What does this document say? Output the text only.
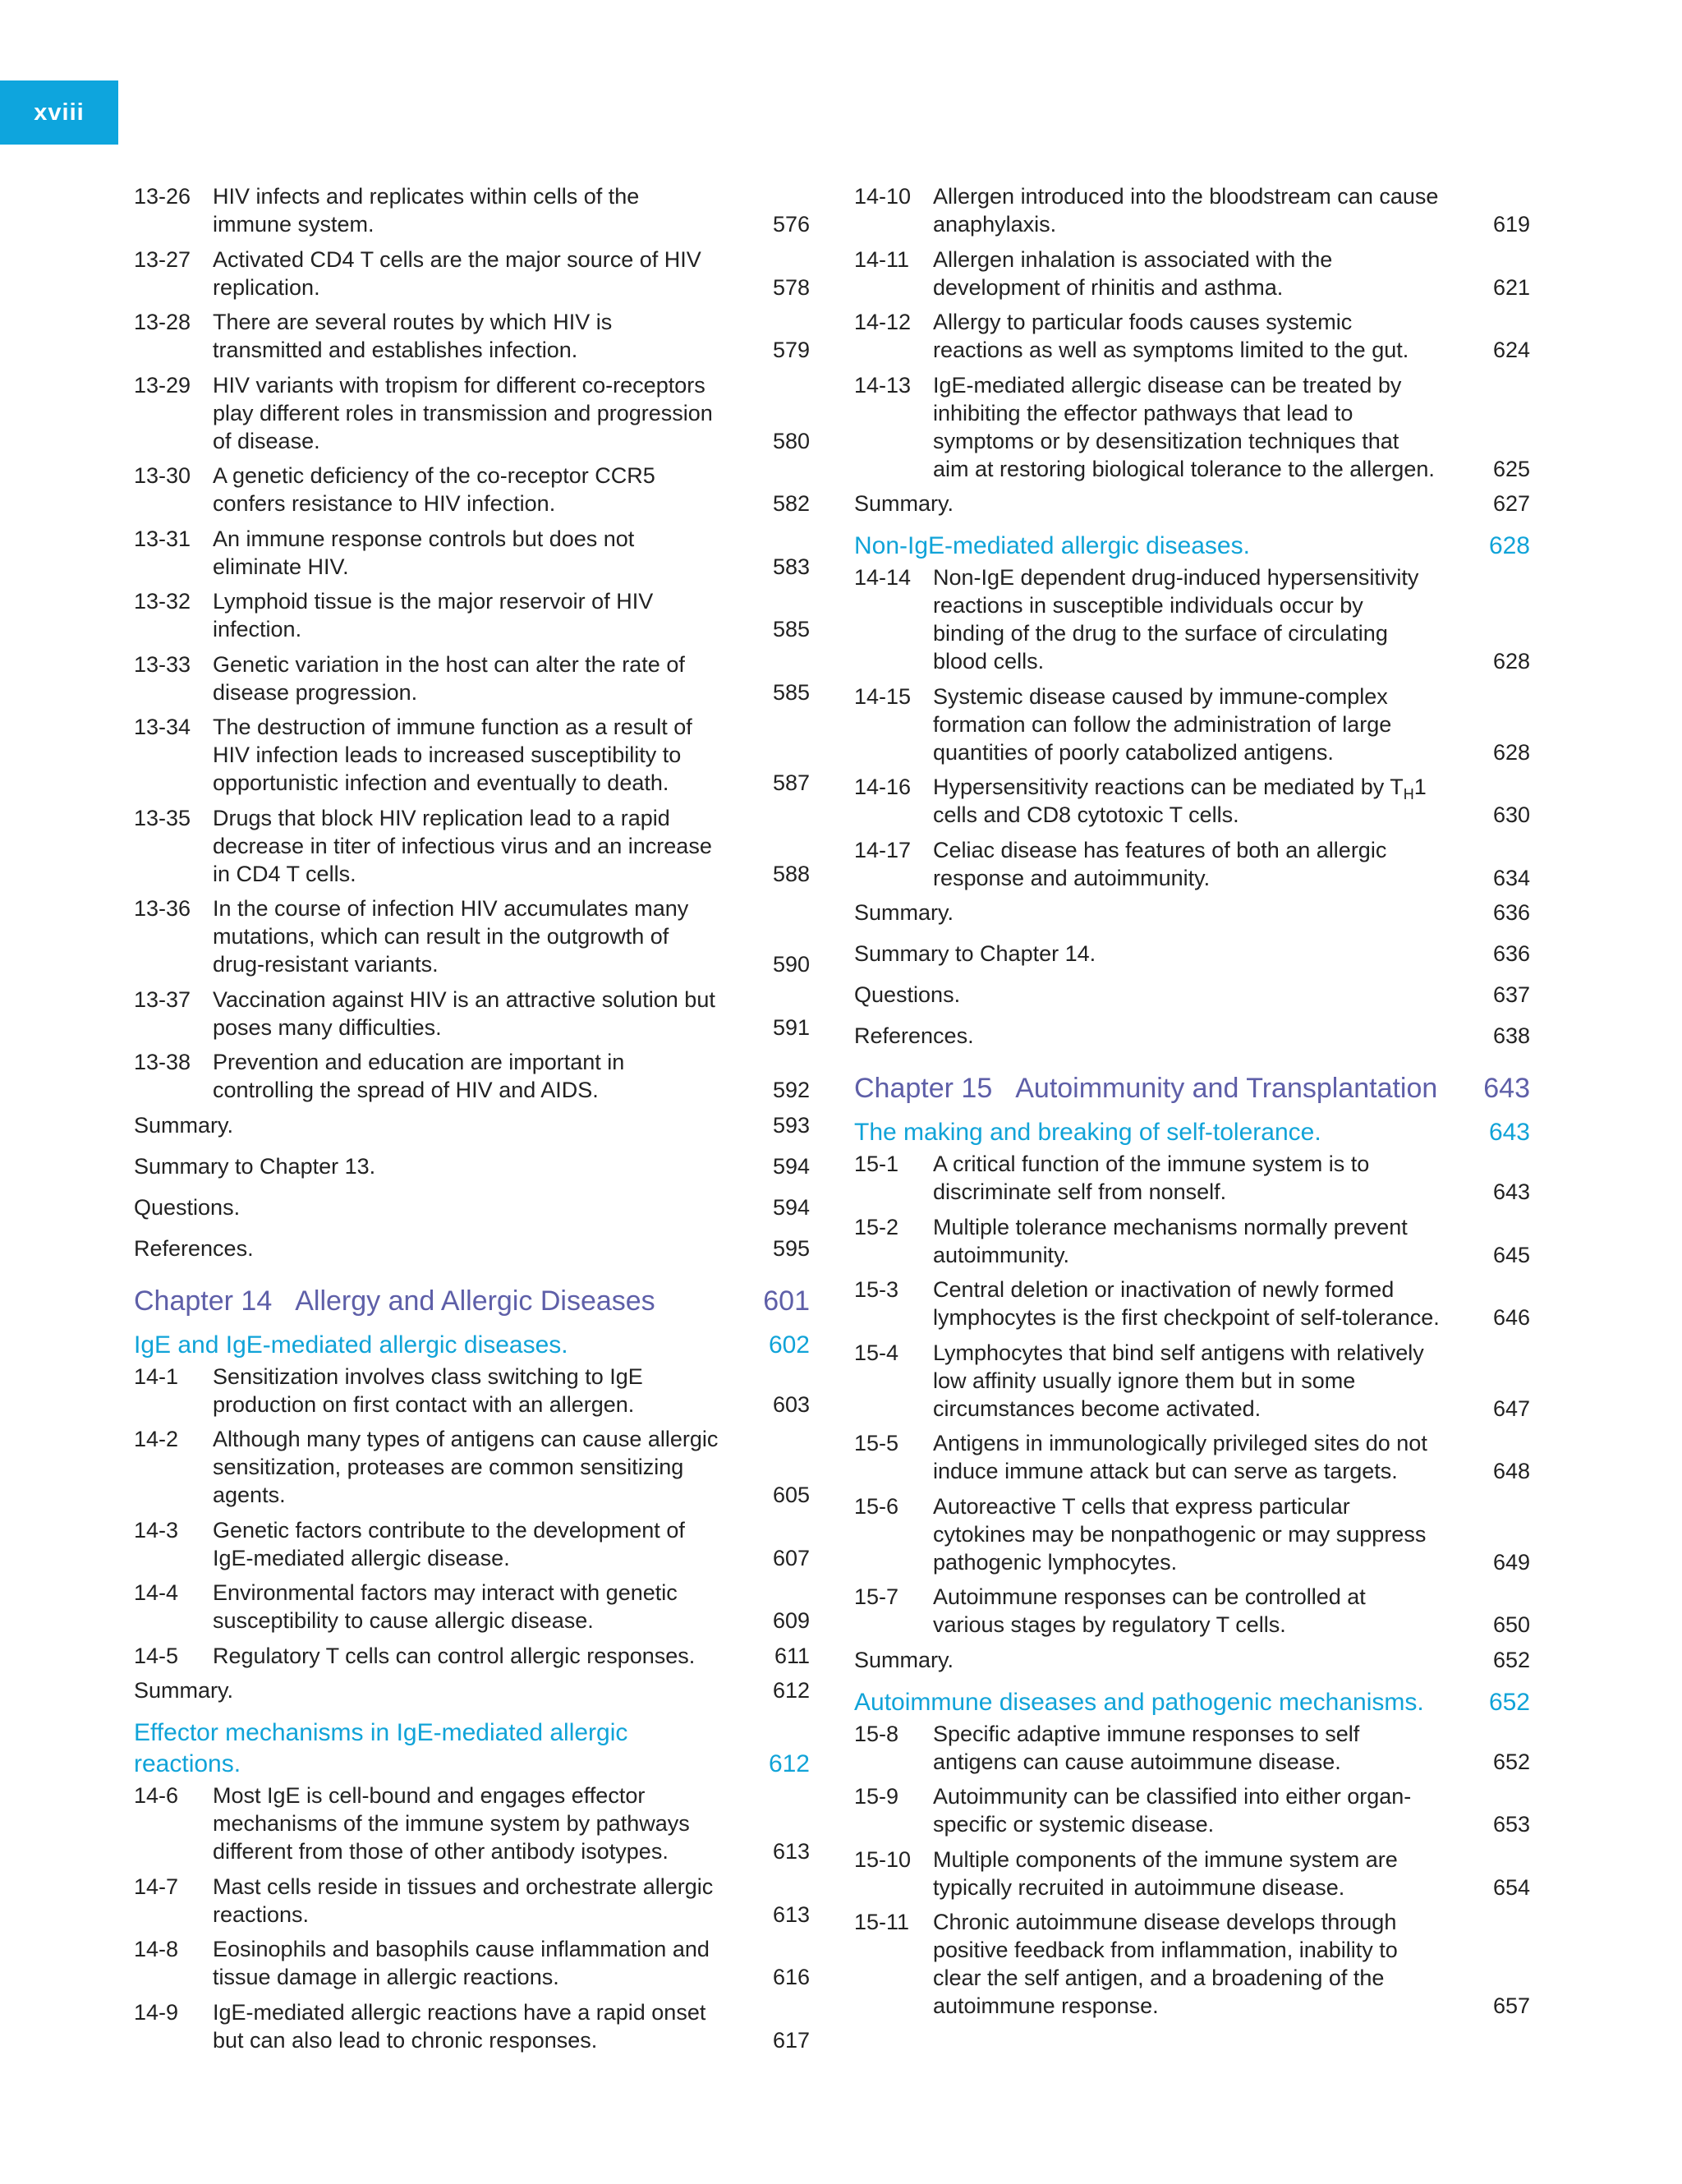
xviii
13-26 HIV infects and replicates within cells of the immune system.	576
13-27 Activated CD4 T cells are the major source of HIV replication.	578
13-28 There are several routes by which HIV is transmitted and establishes infection.	579
13-29 HIV variants with tropism for different co-receptors play different roles in transmission and progression of disease.	580
13-30 A genetic deficiency of the co-receptor CCR5 confers resistance to HIV infection.	582
13-31 An immune response controls but does not eliminate HIV.	583
13-32 Lymphoid tissue is the major reservoir of HIV infection.	585
13-33 Genetic variation in the host can alter the rate of disease progression.	585
13-34 The destruction of immune function as a result of HIV infection leads to increased susceptibility to opportunistic infection and eventually to death.	587
13-35 Drugs that block HIV replication lead to a rapid decrease in titer of infectious virus and an increase in CD4 T cells.	588
13-36 In the course of infection HIV accumulates many mutations, which can result in the outgrowth of drug-resistant variants.	590
13-37 Vaccination against HIV is an attractive solution but poses many difficulties.	591
13-38 Prevention and education are important in controlling the spread of HIV and AIDS.	592
Summary.	593
Summary to Chapter 13.	594
Questions.	594
References.	595
Chapter 14 Allergy and Allergic Diseases	601
IgE and IgE-mediated allergic diseases.	602
14-1 Sensitization involves class switching to IgE production on first contact with an allergen.	603
14-2 Although many types of antigens can cause allergic sensitization, proteases are common sensitizing agents.	605
14-3 Genetic factors contribute to the development of IgE-mediated allergic disease.	607
14-4 Environmental factors may interact with genetic susceptibility to cause allergic disease.	609
14-5 Regulatory T cells can control allergic responses.	611
Summary.	612
Effector mechanisms in IgE-mediated allergic reactions.	612
14-6 Most IgE is cell-bound and engages effector mechanisms of the immune system by pathways different from those of other antibody isotypes.	613
14-7 Mast cells reside in tissues and orchestrate allergic reactions.	613
14-8 Eosinophils and basophils cause inflammation and tissue damage in allergic reactions.	616
14-9 IgE-mediated allergic reactions have a rapid onset but can also lead to chronic responses.	617
14-10 Allergen introduced into the bloodstream can cause anaphylaxis.	619
14-11 Allergen inhalation is associated with the development of rhinitis and asthma.	621
14-12 Allergy to particular foods causes systemic reactions as well as symptoms limited to the gut.	624
14-13 IgE-mediated allergic disease can be treated by inhibiting the effector pathways that lead to symptoms or by desensitization techniques that aim at restoring biological tolerance to the allergen.	625
Summary.	627
Non-IgE-mediated allergic diseases.	628
14-14 Non-IgE dependent drug-induced hypersensitivity reactions in susceptible individuals occur by binding of the drug to the surface of circulating blood cells.	628
14-15 Systemic disease caused by immune-complex formation can follow the administration of large quantities of poorly catabolized antigens.	628
14-16 Hypersensitivity reactions can be mediated by $T_H1$ cells and CD8 cytotoxic T cells.	630
14-17 Celiac disease has features of both an allergic response and autoimmunity.	634
Summary.	636
Summary to Chapter 14.	636
Questions.	637
References.	638
Chapter 15 Autoimmunity and Transplantation 643
The making and breaking of self-tolerance.	643
15-1 A critical function of the immune system is to discriminate self from nonself.	643
15-2 Multiple tolerance mechanisms normally prevent autoimmunity.	645
15-3 Central deletion or inactivation of newly formed lymphocytes is the first checkpoint of self-tolerance. 646
15-4 Lymphocytes that bind self antigens with relatively low affinity usually ignore them but in some circumstances become activated.	647
15-5 Antigens in immunologically privileged sites do not induce immune attack but can serve as targets.	648
15-6 Autoreactive T cells that express particular cytokines may be nonpathogenic or may suppress pathogenic lymphocytes.	649
15-7 Autoimmune responses can be controlled at various stages by regulatory T cells.	650
Summary.	652
Autoimmune diseases and pathogenic mechanisms.	652
15-8 Specific adaptive immune responses to self antigens can cause autoimmune disease.	652
15-9 Autoimmunity can be classified into either organ-specific or systemic disease.	653
15-10 Multiple components of the immune system are typically recruited in autoimmune disease.	654
15-11 Chronic autoimmune disease develops through positive feedback from inflammation, inability to clear the self antigen, and a broadening of the autoimmune response.	657
